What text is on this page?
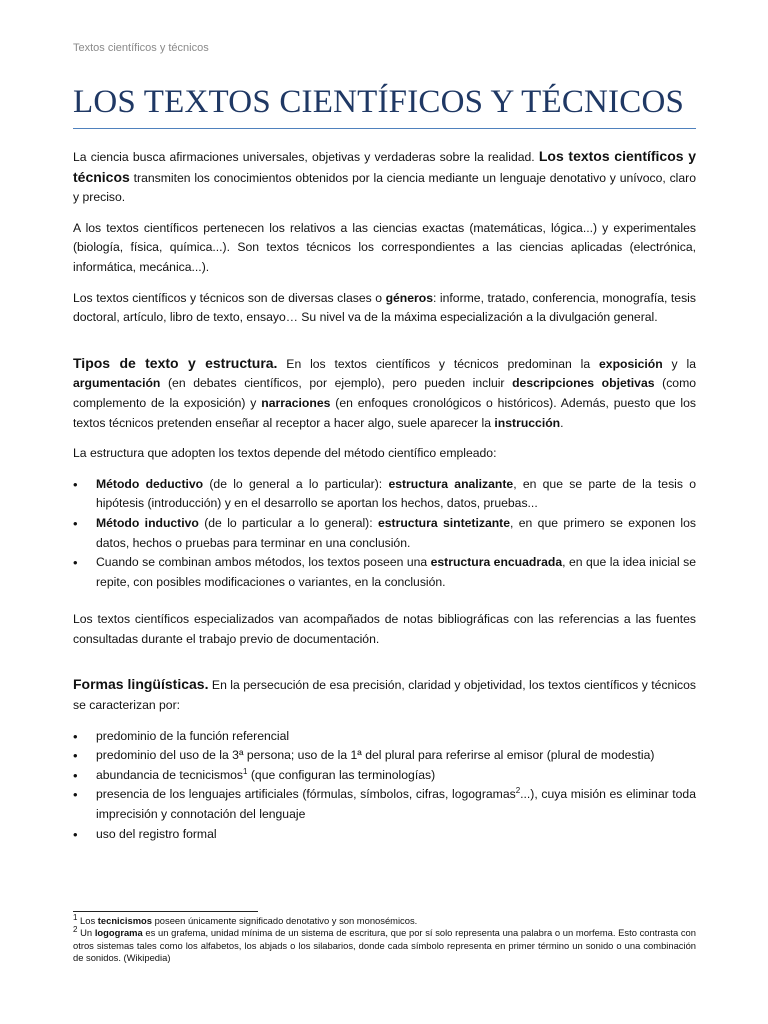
Textos científicos y técnicos
LOS TEXTOS CIENTÍFICOS Y TÉCNICOS

La ciencia busca afirmaciones universales, objetivas y verdaderas sobre la realidad. Los textos científicos y técnicos transmiten los conocimientos obtenidos por la ciencia mediante un lenguaje denotativo y unívoco, claro y preciso.

A los textos científicos pertenecen los relativos a las ciencias exactas (matemáticas, lógica...) y experimentales (biología, física, química...). Son textos técnicos los correspondientes a las ciencias aplicadas (electrónica, informática, mecánica...).

Los textos científicos y técnicos son de diversas clases o géneros: informe, tratado, conferencia, monografía, tesis doctoral, artículo, libro de texto, ensayo… Su nivel va de la máxima especialización a la divulgación general.

Tipos de texto y estructura. En los textos científicos y técnicos predominan la exposición y la argumentación (en debates científicos, por ejemplo), pero pueden incluir descripciones objetivas (como complemento de la exposición) y narraciones (en enfoques cronológicos o históricos). Además, puesto que los textos técnicos pretenden enseñar al receptor a hacer algo, suele aparecer la instrucción.

La estructura que adopten los textos depende del método científico empleado:

• Método deductivo (de lo general a lo particular): estructura analizante, en que se parte de la tesis o hipótesis (introducción) y en el desarrollo se aportan los hechos, datos, pruebas...
• Método inductivo (de lo particular a lo general): estructura sintetizante, en que primero se exponen los datos, hechos o pruebas para terminar en una conclusión.
• Cuando se combinan ambos métodos, los textos poseen una estructura encuadrada, en que la idea inicial se repite, con posibles modificaciones o variantes, en la conclusión.

Los textos científicos especializados van acompañados de notas bibliográficas con las referencias a las fuentes consultadas durante el trabajo previo de documentación.

Formas lingüísticas. En la persecución de esa precisión, claridad y objetividad, los textos científicos y técnicos se caracterizan por:

• predominio de la función referencial
• predominio del uso de la 3ª persona; uso de la 1ª del plural para referirse al emisor (plural de modestia)
• abundancia de tecnicismos$^1$ (que configuran las terminologías)
• presencia de los lenguajes artificiales (fórmulas, símbolos, cifras, logogramas$^2$...), cuya misión es eliminar toda imprecisión y connotación del lenguaje
• uso del registro formal
$^1$ Los tecnicismos poseen únicamente significado denotativo y son monosémicos.
$^2$ Un logograma es un grafema, unidad mínima de un sistema de escritura, que por sí solo representa una palabra o un morfema. Esto contrasta con otros sistemas tales como los alfabetos, los abjads o los silabarios, donde cada símbolo representa en primer término un sonido o una combinación de sonidos. (Wikipedia)
